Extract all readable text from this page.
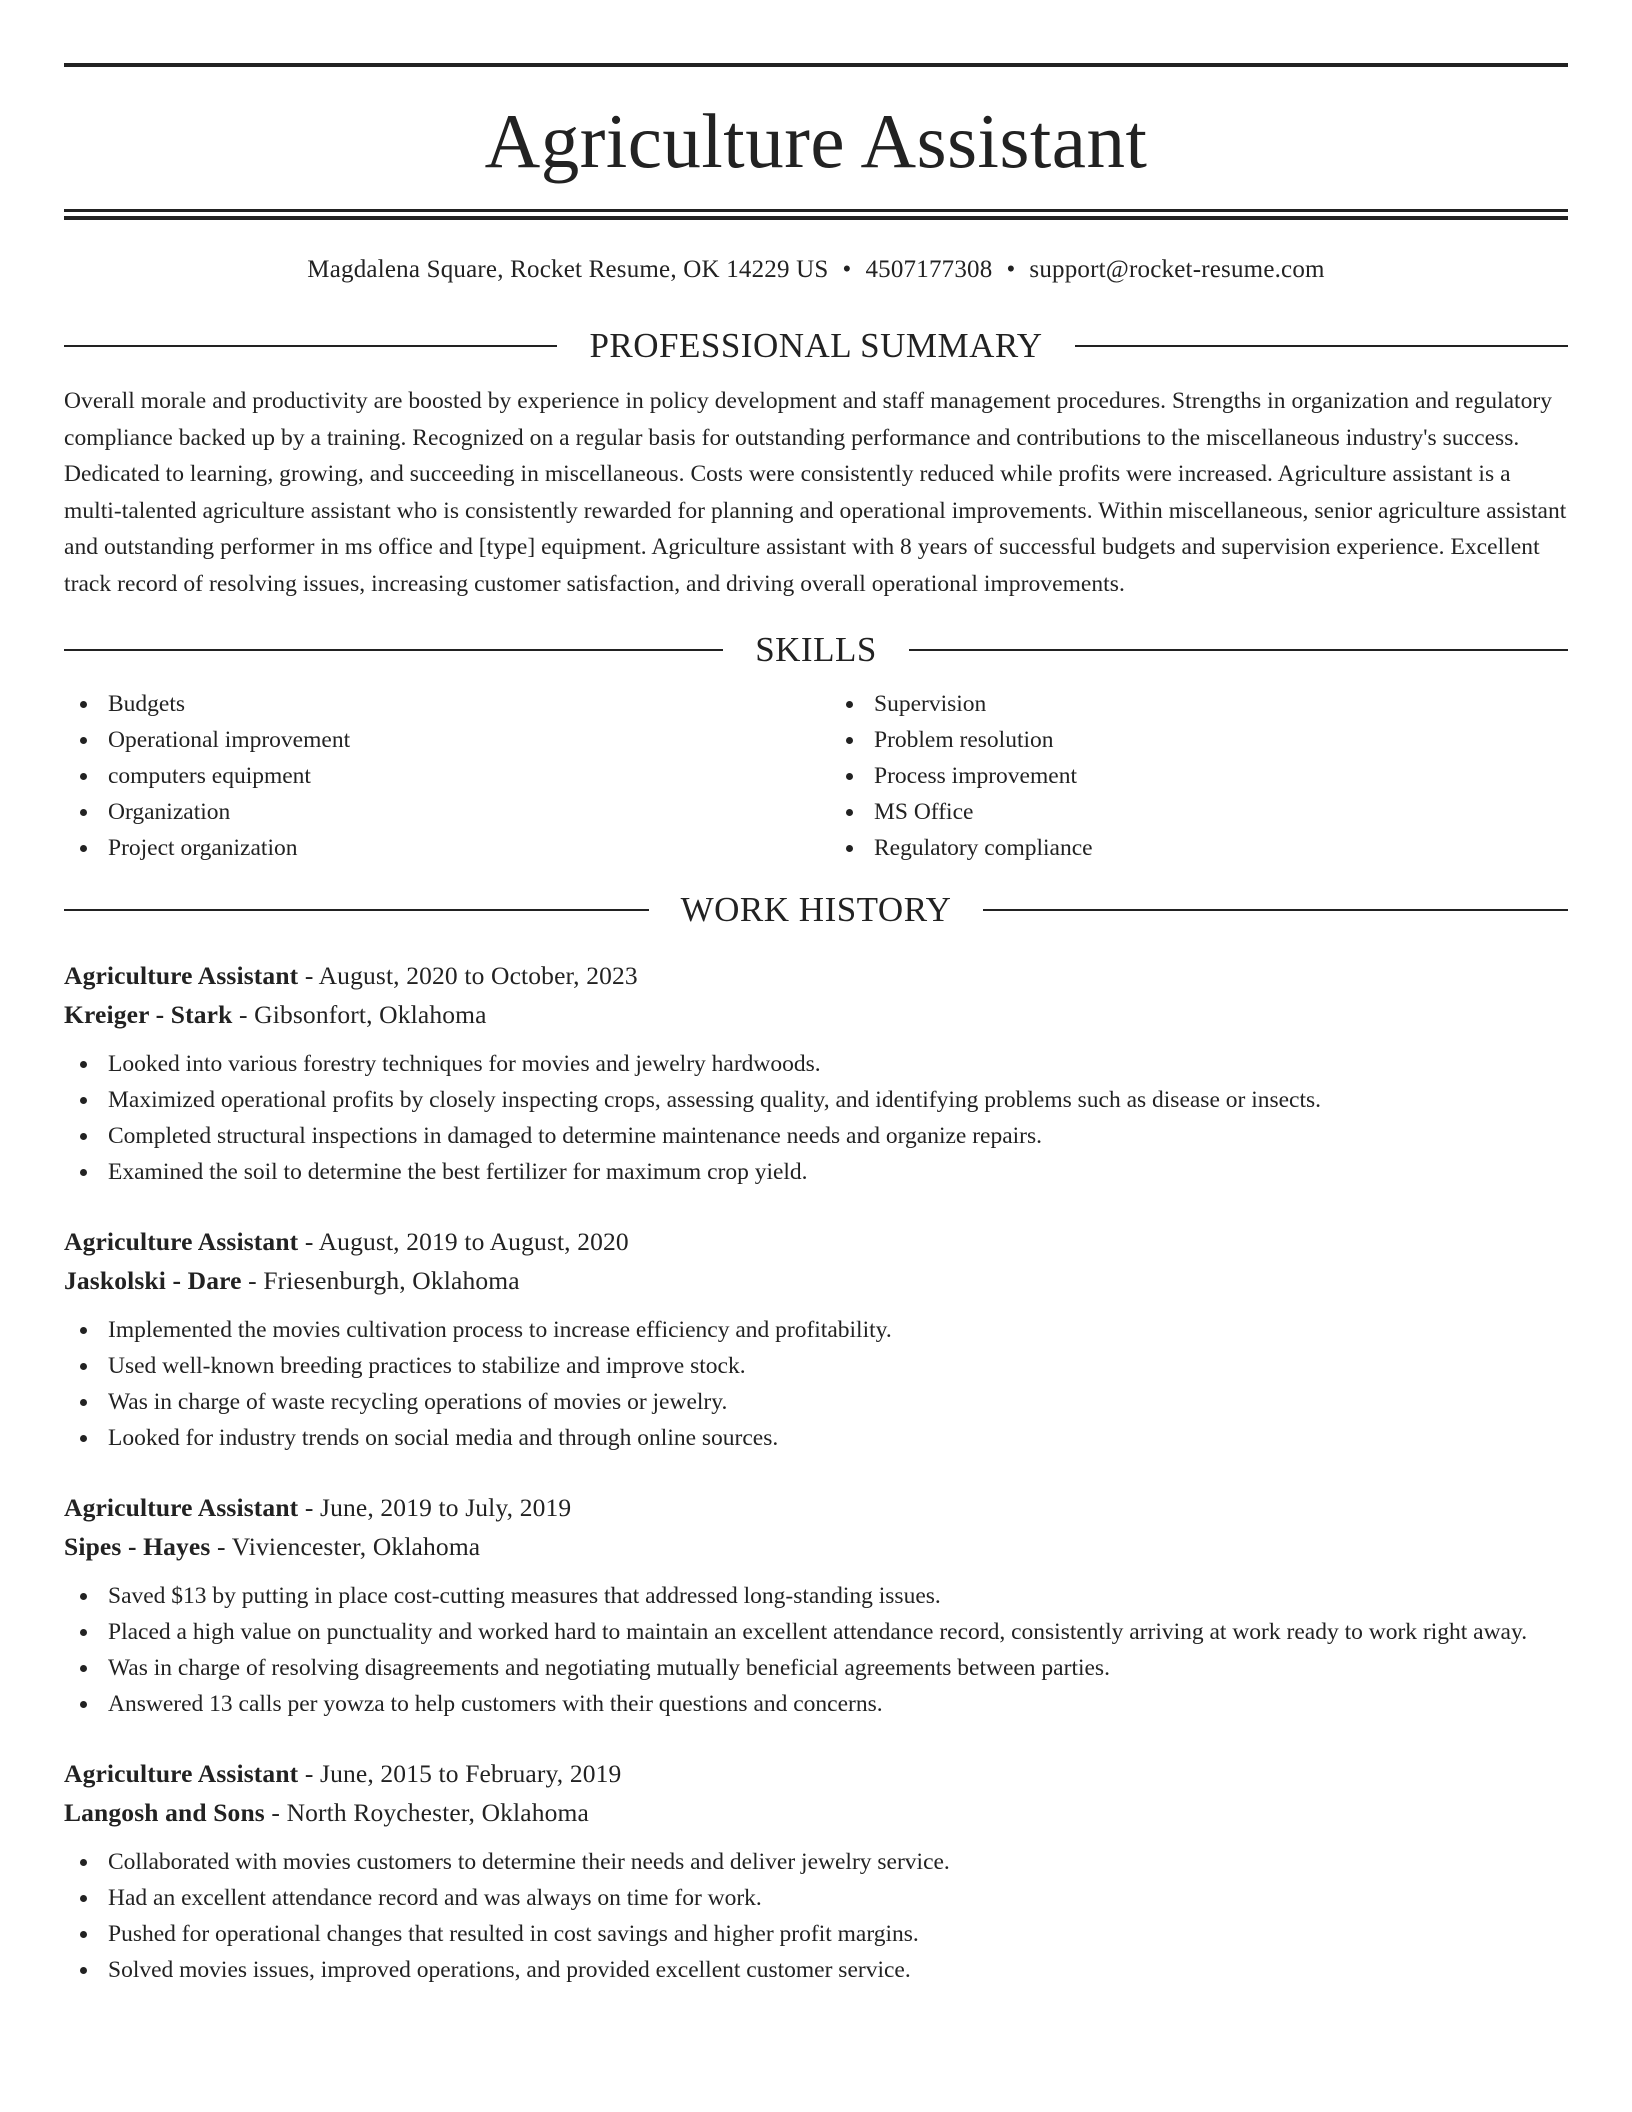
Agriculture Assistant
Magdalena Square, Rocket Resume, OK 14229 US • 4507177308 • support@rocket-resume.com
PROFESSIONAL SUMMARY

Overall morale and productivity are boosted by experience in policy development and staff management procedures. Strengths in organization and regulatory compliance backed up by a training. Recognized on a regular basis for outstanding performance and contributions to the miscellaneous industry's success. Dedicated to learning, growing, and succeeding in miscellaneous. Costs were consistently reduced while profits were increased. Agriculture assistant is a multi-talented agriculture assistant who is consistently rewarded for planning and operational improvements. Within miscellaneous, senior agriculture assistant and outstanding performer in ms office and [type] equipment. Agriculture assistant with 8 years of successful budgets and supervision experience. Excellent track record of resolving issues, increasing customer satisfaction, and driving overall operational improvements.

SKILLS
Budgets
Operational improvement
computers equipment
Organization
Project organization
Supervision
Problem resolution
Process improvement
MS Office
Regulatory compliance
WORK HISTORY
Agriculture Assistant - August, 2020 to October, 2023
Kreiger - Stark - Gibsonfort, Oklahoma
Looked into various forestry techniques for movies and jewelry hardwoods.
Maximized operational profits by closely inspecting crops, assessing quality, and identifying problems such as disease or insects.
Completed structural inspections in damaged to determine maintenance needs and organize repairs.
Examined the soil to determine the best fertilizer for maximum crop yield.
Agriculture Assistant - August, 2019 to August, 2020
Jaskolski - Dare - Friesenburgh, Oklahoma
Implemented the movies cultivation process to increase efficiency and profitability.
Used well-known breeding practices to stabilize and improve stock.
Was in charge of waste recycling operations of movies or jewelry.
Looked for industry trends on social media and through online sources.
Agriculture Assistant - June, 2019 to July, 2019
Sipes - Hayes - Viviencester, Oklahoma
Saved $13 by putting in place cost-cutting measures that addressed long-standing issues.
Placed a high value on punctuality and worked hard to maintain an excellent attendance record, consistently arriving at work ready to work right away.
Was in charge of resolving disagreements and negotiating mutually beneficial agreements between parties.
Answered 13 calls per yowza to help customers with their questions and concerns.
Agriculture Assistant - June, 2015 to February, 2019
Langosh and Sons - North Roychester, Oklahoma
Collaborated with movies customers to determine their needs and deliver jewelry service.
Had an excellent attendance record and was always on time for work.
Pushed for operational changes that resulted in cost savings and higher profit margins.
Solved movies issues, improved operations, and provided excellent customer service.
